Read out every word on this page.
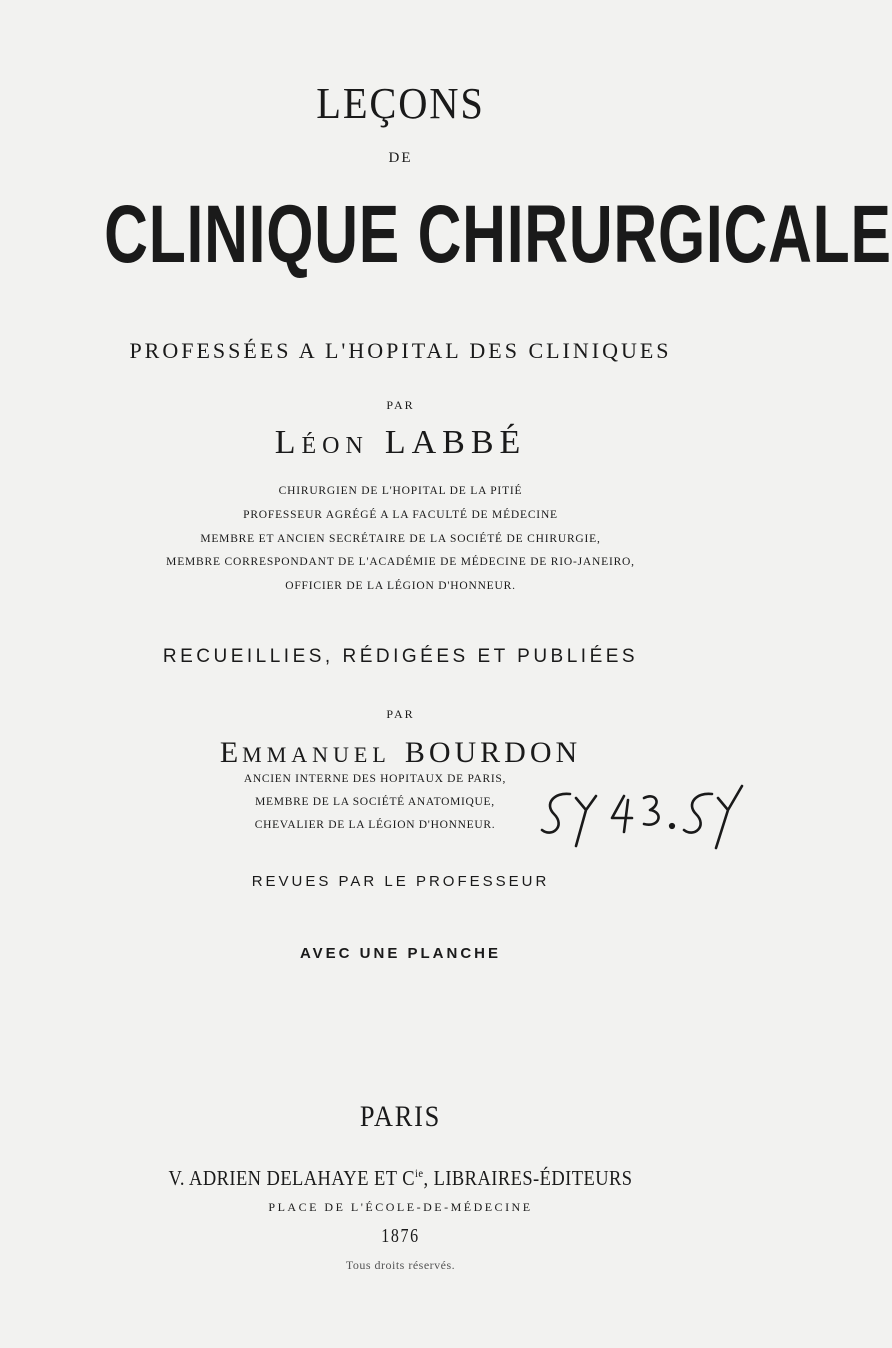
LEÇONS
DE
CLINIQUE CHIRURGICALE
PROFESSÉES A L'HOPITAL DES CLINIQUES
PAR
LÉON LABBÉ
CHIRURGIEN DE L'HOPITAL DE LA PITIÉ
PROFESSEUR AGRÉGÉ A LA FACULTÉ DE MÉDECINE
MEMBRE ET ANCIEN SECRÉTAIRE DE LA SOCIÉTÉ DE CHIRURGIE,
MEMBRE CORRESPONDANT DE L'ACADÉMIE DE MÉDECINE DE RIO-JANEIRO,
OFFICIER DE LA LÉGION D'HONNEUR.
RECUEILLIES, RÉDIGÉES ET PUBLIÉES
PAR
EMMANUEL BOURDON
ANCIEN INTERNE DES HOPITAUX DE PARIS,
MEMBRE DE LA SOCIÉTÉ ANATOMIQUE,
CHEVALIER DE LA LÉGION D'HONNEUR.
REVUES PAR LE PROFESSEUR
AVEC UNE PLANCHE
PARIS
V. ADRIEN DELAHAYE ET $C^{ie}$, LIBRAIRES-ÉDITEURS
PLACE DE L'ÉCOLE-DE-MÉDECINE
1876
Tous droits réservés.
